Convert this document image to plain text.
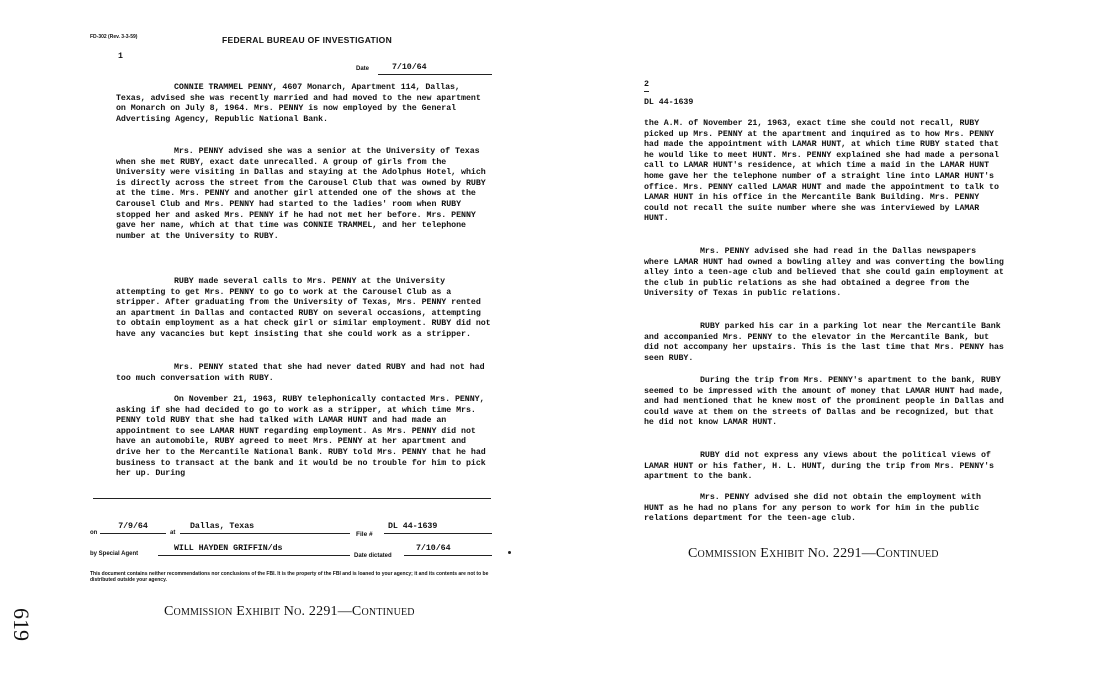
FD-302 (Rev. 3-3-59)	FEDERAL BUREAU OF INVESTIGATION
1
Date	7/10/64
CONNIE TRAMMEL PENNY, 4607 Monarch, Apartment 114, Dallas, Texas, advised she was recently married and had moved to the new apartment on Monarch on July 8, 1964. Mrs. PENNY is now employed by the General Advertising Agency, Republic National Bank.
Mrs. PENNY advised she was a senior at the University of Texas when she met RUBY, exact date unrecalled. A group of girls from the University were visiting in Dallas and staying at the Adolphus Hotel, which is directly across the street from the Carousel Club that was owned by RUBY at the time. Mrs. PENNY and another girl attended one of the shows at the Carousel Club and Mrs. PENNY had started to the ladies' room when RUBY stopped her and asked Mrs. PENNY if he had not met her before. Mrs. PENNY gave her name, which at that time was CONNIE TRAMMEL, and her telephone number at the University to RUBY.
RUBY made several calls to Mrs. PENNY at the University attempting to get Mrs. PENNY to go to work at the Carousel Club as a stripper. After graduating from the University of Texas, Mrs. PENNY rented an apartment in Dallas and contacted RUBY on several occasions, attempting to obtain employment as a hat check girl or similar employment. RUBY did not have any vacancies but kept insisting that she could work as a stripper.
Mrs. PENNY stated that she had never dated RUBY and had not had too much conversation with RUBY.
On November 21, 1963, RUBY telephonically contacted Mrs. PENNY, asking if she had decided to go to work as a stripper, at which time Mrs. PENNY told RUBY that she had talked with LAMAR HUNT and had made an appointment to see LAMAR HUNT regarding employment. As Mrs. PENNY did not have an automobile, RUBY agreed to meet Mrs. PENNY at her apartment and drive her to the Mercantile National Bank. RUBY told Mrs. PENNY that he had business to transact at the bank and it would be no trouble for him to pick her up. During
on
7/9/64
at
Dallas, Texas
File #
DL 44-1639
by Special Agent
WILL HAYDEN GRIFFIN/ds
Date dictated
7/10/64
This document contains neither recommendations nor conclusions of the FBI. It is the property of the FBI and is loaned to your agency; it and its contents are not to be distributed outside your agency.
Commission Exhibit No. 2291—Continued
619
2
DL 44-1639
the A.M. of November 21, 1963, exact time she could not recall, RUBY picked up Mrs. PENNY at the apartment and inquired as to how Mrs. PENNY had made the appointment with LAMAR HUNT, at which time RUBY stated that he would like to meet HUNT. Mrs. PENNY explained she had made a personal call to LAMAR HUNT's residence, at which time a maid in the LAMAR HUNT home gave her the telephone number of a straight line into LAMAR HUNT's office. Mrs. PENNY called LAMAR HUNT and made the appointment to talk to LAMAR HUNT in his office in the Mercantile Bank Building. Mrs. PENNY could not recall the suite number where she was interviewed by LAMAR HUNT.
Mrs. PENNY advised she had read in the Dallas newspapers where LAMAR HUNT had owned a bowling alley and was converting the bowling alley into a teen-age club and believed that she could gain employment at the club in public relations as she had obtained a degree from the University of Texas in public relations.
RUBY parked his car in a parking lot near the Mercantile Bank and accompanied Mrs. PENNY to the elevator in the Mercantile Bank, but did not accompany her upstairs. This is the last time that Mrs. PENNY has seen RUBY.
During the trip from Mrs. PENNY's apartment to the bank, RUBY seemed to be impressed with the amount of money that LAMAR HUNT had made, and had mentioned that he knew most of the prominent people in Dallas and could wave at them on the streets of Dallas and be recognized, but that he did not know LAMAR HUNT.
RUBY did not express any views about the political views of LAMAR HUNT or his father, H. L. HUNT, during the trip from Mrs. PENNY's apartment to the bank.
Mrs. PENNY advised she did not obtain the employment with HUNT as he had no plans for any person to work for him in the public relations department for the teen-age club.
Commission Exhibit No. 2291—Continued
